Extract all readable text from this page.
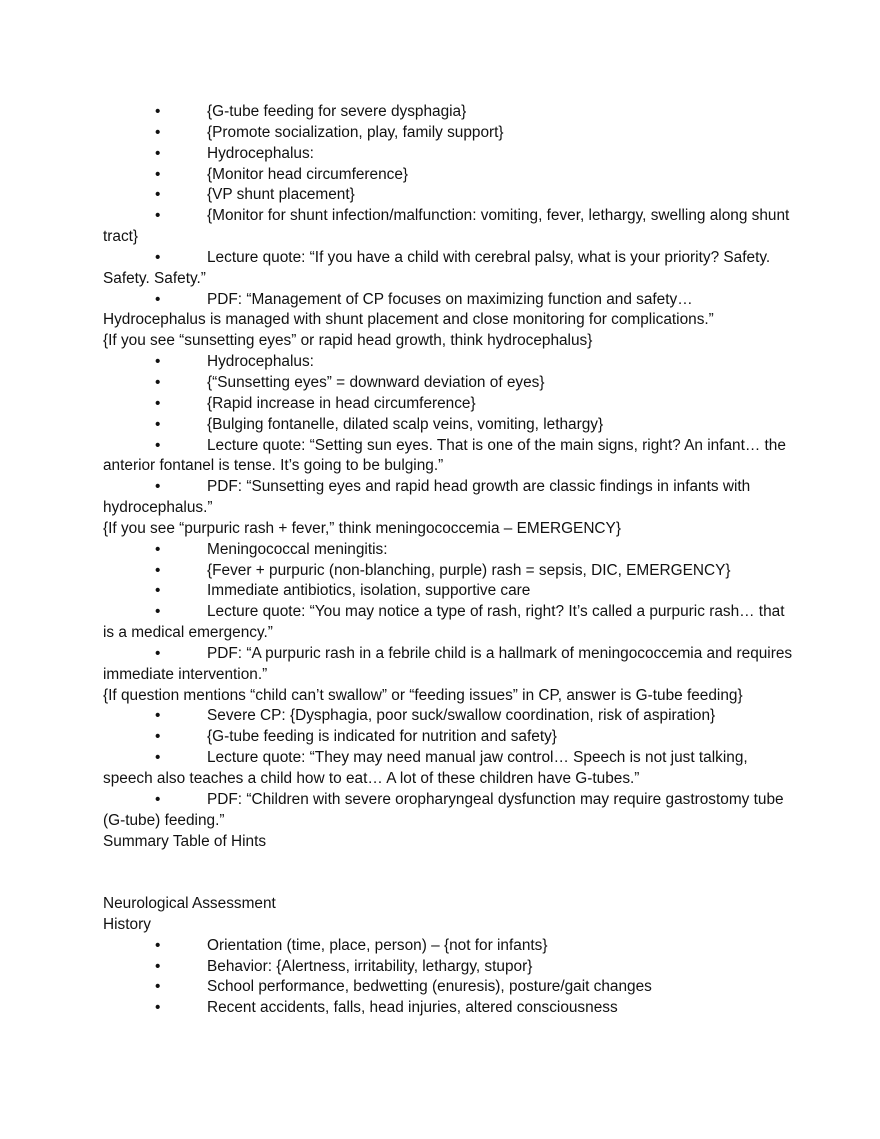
•	{G-tube feeding for severe dysphagia}
•	{Promote socialization, play, family support}
•	Hydrocephalus:
•	{Monitor head circumference}
•	{VP shunt placement}
•	{Monitor for shunt infection/malfunction: vomiting, fever, lethargy, swelling along shunt tract}
•	Lecture quote: “If you have a child with cerebral palsy, what is your priority? Safety. Safety. Safety.”
•	PDF: “Management of CP focuses on maximizing function and safety… Hydrocephalus is managed with shunt placement and close monitoring for complications.”
{If you see “sunsetting eyes” or rapid head growth, think hydrocephalus}
•	Hydrocephalus:
•	{“Sunsetting eyes” = downward deviation of eyes}
•	{Rapid increase in head circumference}
•	{Bulging fontanelle, dilated scalp veins, vomiting, lethargy}
•	Lecture quote: “Setting sun eyes. That is one of the main signs, right? An infant… the anterior fontanel is tense. It’s going to be bulging.”
•	PDF: “Sunsetting eyes and rapid head growth are classic findings in infants with hydrocephalus.”
{If you see “purpuric rash + fever,” think meningococcemia – EMERGENCY}
•	Meningococcal meningitis:
•	{Fever + purpuric (non-blanching, purple) rash = sepsis, DIC, EMERGENCY}
•	Immediate antibiotics, isolation, supportive care
•	Lecture quote: “You may notice a type of rash, right? It’s called a purpuric rash… that is a medical emergency.”
•	PDF: “A purpuric rash in a febrile child is a hallmark of meningococcemia and requires immediate intervention.”
{If question mentions “child can’t swallow” or “feeding issues” in CP, answer is G-tube feeding}
•	Severe CP: {Dysphagia, poor suck/swallow coordination, risk of aspiration}
•	{G-tube feeding is indicated for nutrition and safety}
•	Lecture quote: “They may need manual jaw control… Speech is not just talking, speech also teaches a child how to eat… A lot of these children have G-tubes.”
•	PDF: “Children with severe oropharyngeal dysfunction may require gastrostomy tube (G-tube) feeding.”
Summary Table of Hints
Neurological Assessment
History
•	Orientation (time, place, person) – {not for infants}
•	Behavior: {Alertness, irritability, lethargy, stupor}
•	School performance, bedwetting (enuresis), posture/gait changes
•	Recent accidents, falls, head injuries, altered consciousness
